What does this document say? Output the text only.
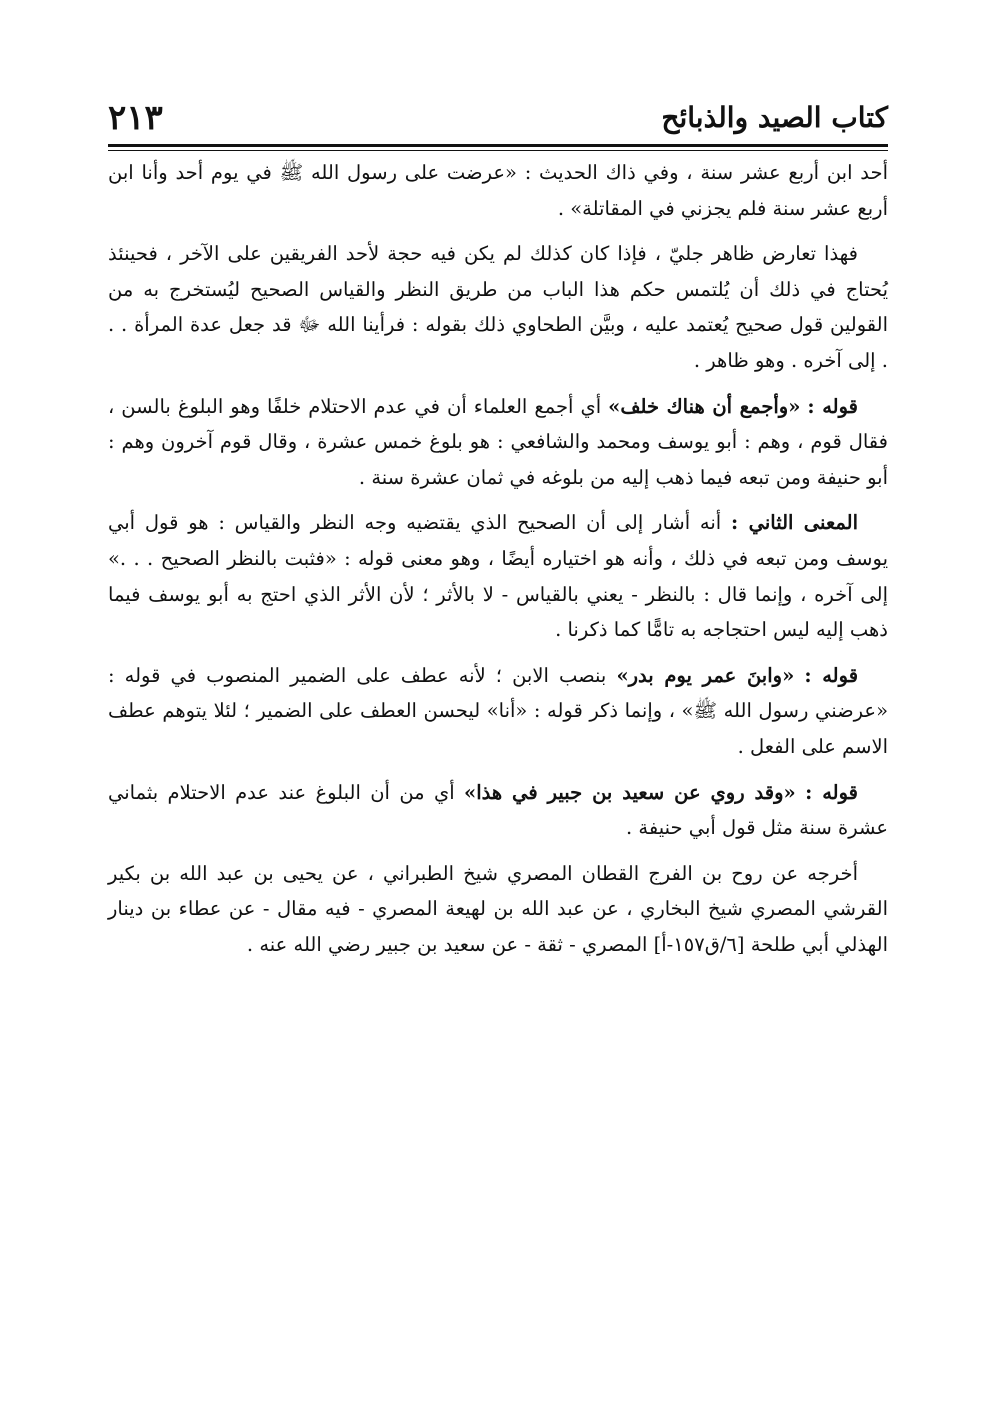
كتاب الصيد والذبائح
٢١٣

أحد ابن أربع عشر سنة ، وفي ذاك الحديث : «عرضت على رسول الله ﷺ في يوم أحد وأنا ابن أربع عشر سنة فلم يجزني في المقاتلة» .

فهذا تعارض ظاهر جليّ ، فإذا كان كذلك لم يكن فيه حجة لأحد الفريقين على الآخر ، فحينئذ يُحتاج في ذلك أن يُلتمس حكم هذا الباب من طريق النظر والقياس الصحيح ليُستخرج به من القولين قول صحيح يُعتمد عليه ، وبيَّن الطحاوي ذلك بقوله : فرأينا الله ﷻ قد جعل عدة المرأة . . . إلى آخره . وهو ظاهر .

قوله : «وأجمع أن هناك خلف» أي أجمع العلماء أن في عدم الاحتلام خلفًا وهو البلوغ بالسن ، فقال قوم ، وهم : أبو يوسف ومحمد والشافعي : هو بلوغ خمس عشرة ، وقال قوم آخرون وهم : أبو حنيفة ومن تبعه فيما ذهب إليه من بلوغه في ثمان عشرة سنة .

المعنى الثاني : أنه أشار إلى أن الصحيح الذي يقتضيه وجه النظر والقياس : هو قول أبي يوسف ومن تبعه في ذلك ، وأنه هو اختياره أيضًا ، وهو معنى قوله : «فثبت بالنظر الصحيح . . .» إلى آخره ، وإنما قال : بالنظر - يعني بالقياس - لا بالأثر ؛ لأن الأثر الذي احتج به أبو يوسف فيما ذهب إليه ليس احتجاجه به تامًّا كما ذكرنا .

قوله : «وابنَ عمر يوم بدر» بنصب الابن ؛ لأنه عطف على الضمير المنصوب في قوله : «عرضني رسول الله ﷺ» ، وإنما ذكر قوله : «أنا» ليحسن العطف على الضمير ؛ لئلا يتوهم عطف الاسم على الفعل .

قوله : «وقد روي عن سعيد بن جبير في هذا» أي من أن البلوغ عند عدم الاحتلام بثماني عشرة سنة مثل قول أبي حنيفة .

أخرجه عن روح بن الفرج القطان المصري شيخ الطبراني ، عن يحيى بن عبد الله بن بكير القرشي المصري شيخ البخاري ، عن عبد الله بن لهيعة المصري - فيه مقال - عن عطاء بن دينار الهذلي أبي طلحة [٦/ق١٥٧-أ] المصري - ثقة - عن سعيد بن جبير رضي الله عنه .
